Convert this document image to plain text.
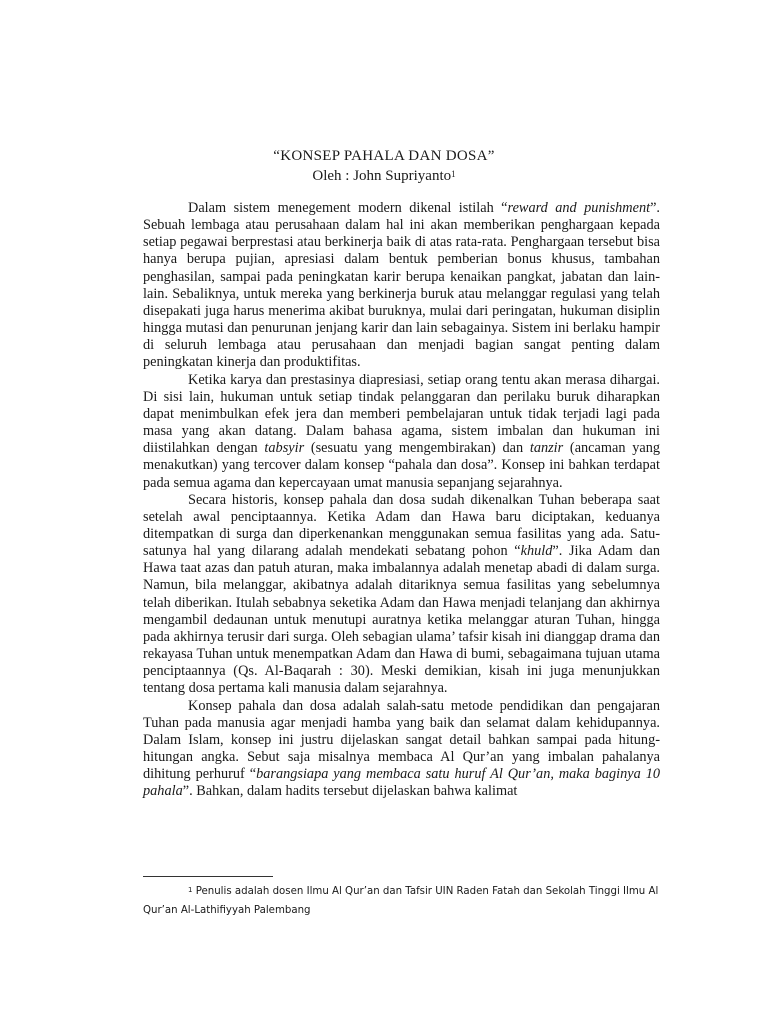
“KONSEP PAHALA DAN DOSA”
Oleh : John Supriyanto$^1$

Dalam sistem menegement modern dikenal istilah “reward and punishment”. Sebuah lembaga atau perusahaan dalam hal ini akan memberikan penghargaan kepada setiap pegawai berprestasi atau berkinerja baik di atas rata-rata. Penghargaan tersebut bisa hanya berupa pujian, apresiasi dalam bentuk pemberian bonus khusus, tambahan penghasilan, sampai pada peningkatan karir berupa kenaikan pangkat, jabatan dan lain-lain. Sebaliknya, untuk mereka yang berkinerja buruk atau melanggar regulasi yang telah disepakati juga harus menerima akibat buruknya, mulai dari peringatan, hukuman disiplin hingga mutasi dan penurunan jenjang karir dan lain sebagainya. Sistem ini berlaku hampir di seluruh lembaga atau perusahaan dan menjadi bagian sangat penting dalam peningkatan kinerja dan produktifitas.

Ketika karya dan prestasinya diapresiasi, setiap orang tentu akan merasa dihargai. Di sisi lain, hukuman untuk setiap tindak pelanggaran dan perilaku buruk diharapkan dapat menimbulkan efek jera dan memberi pembelajaran untuk tidak terjadi lagi pada masa yang akan datang. Dalam bahasa agama, sistem imbalan dan hukuman ini diistilahkan dengan tabsyir (sesuatu yang mengembirakan) dan tanzir (ancaman yang menakutkan) yang tercover dalam konsep “pahala dan dosa”. Konsep ini bahkan terdapat pada semua agama dan kepercayaan umat manusia sepanjang sejarahnya.

Secara historis, konsep pahala dan dosa sudah dikenalkan Tuhan beberapa saat setelah awal penciptaannya. Ketika Adam dan Hawa baru diciptakan, keduanya ditempatkan di surga dan diperkenankan menggunakan semua fasilitas yang ada. Satu-satunya hal yang dilarang adalah mendekati sebatang pohon “khuld”. Jika Adam dan Hawa taat azas dan patuh aturan, maka imbalannya adalah menetap abadi di dalam surga. Namun, bila melanggar, akibatnya adalah ditariknya semua fasilitas yang sebelumnya telah diberikan. Itulah sebabnya seketika Adam dan Hawa menjadi telanjang dan akhirnya mengambil dedaunan untuk menutupi auratnya ketika melanggar aturan Tuhan, hingga pada akhirnya terusir dari surga. Oleh sebagian ulama’ tafsir kisah ini dianggap drama dan rekayasa Tuhan untuk menempatkan Adam dan Hawa di bumi, sebagaimana tujuan utama penciptaannya (Qs. Al-Baqarah : 30). Meski demikian, kisah ini juga menunjukkan tentang dosa pertama kali manusia dalam sejarahnya.

Konsep pahala dan dosa adalah salah-satu metode pendidikan dan pengajaran Tuhan pada manusia agar menjadi hamba yang baik dan selamat dalam kehidupannya. Dalam Islam, konsep ini justru dijelaskan sangat detail bahkan sampai pada hitung-hitungan angka. Sebut saja misalnya membaca Al Qur’an yang imbalan pahalanya dihitung perhuruf “barangsiapa yang membaca satu huruf Al Qur’an, maka baginya 10 pahala”. Bahkan, dalam hadits tersebut dijelaskan bahwa kalimat

$^1$ Penulis adalah dosen Ilmu Al Qur’an dan Tafsir UIN Raden Fatah dan Sekolah Tinggi Ilmu Al
Qur’an Al-Lathifiyyah Palembang
